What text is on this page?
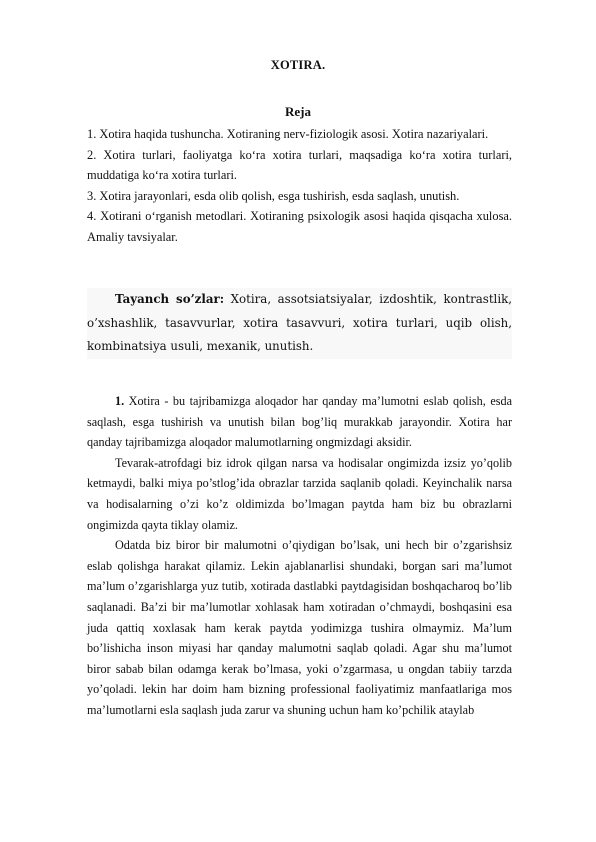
XOTIRA.
Reja

1. Xotira haqida tushuncha. Xotiraning nerv-fiziologik asosi. Xotira nazariyalari.

2. Xotira turlari, faoliyatga ko‘ra xotira turlari, maqsadiga ko‘ra xotira turlari, muddatiga ko‘ra xotira turlari.

3. Xotira jarayonlari, esda olib qolish, esga tushirish, esda saqlash, unutish.

4. Xotirani o‘rganish metodlari. Xotiraning psixologik asosi haqida qisqacha xulosa. Amaliy tavsiyalar.

Tayanch so’zlar: Xotira, assotsiatsiyalar, izdoshtik, kontrastlik, o’xshashlik, tasavvurlar, xotira tasavvuri, xotira turlari, uqib olish, kombinatsiya usuli, mexanik, unutish.

1. Xotira - bu tajribamizga aloqador har qanday ma’lumotni eslab qolish, esda saqlash, esga tushirish va unutish bilan bog’liq murakkab jarayondir. Xotira har qanday tajribamizga aloqador malumotlarning ongmizdagi aksidir.

Tevarak-atrofdagi biz idrok qilgan narsa va hodisalar ongimizda izsiz yo’qolib ketmaydi, balki miya po’stlog’ida obrazlar tarzida saqlanib qoladi. Keyinchalik narsa va hodisalarning o’zi ko’z oldimizda bo’lmagan paytda ham biz bu obrazlarni ongimizda qayta tiklay olamiz.

Odatda biz biror bir malumotni o’qiydigan bo’lsak, uni hech bir o’zgarishsiz eslab qolishga harakat qilamiz. Lekin ajablanarlisi shundaki, borgan sari ma’lumot ma’lum o’zgarishlarga yuz tutib, xotirada dastlabki paytdagisidan boshqacharoq bo’lib saqlanadi. Ba’zi bir ma’lumotlar xohlasak ham xotiradan o’chmaydi, boshqasini esa juda qattiq xoxlasak ham kerak paytda yodimizga tushira olmaymiz. Ma’lum bo’lishicha inson miyasi har qanday malumotni saqlab qoladi. Agar shu ma’lumot biror sabab bilan odamga kerak bo’lmasa, yoki o’zgarmasa, u ongdan tabiiy tarzda yo’qoladi. lekin har doim ham bizning professional faoliyatimiz manfaatlariga mos ma’lumotlarni esla saqlash juda zarur va shuning uchun ham ko’pchilik ataylab
